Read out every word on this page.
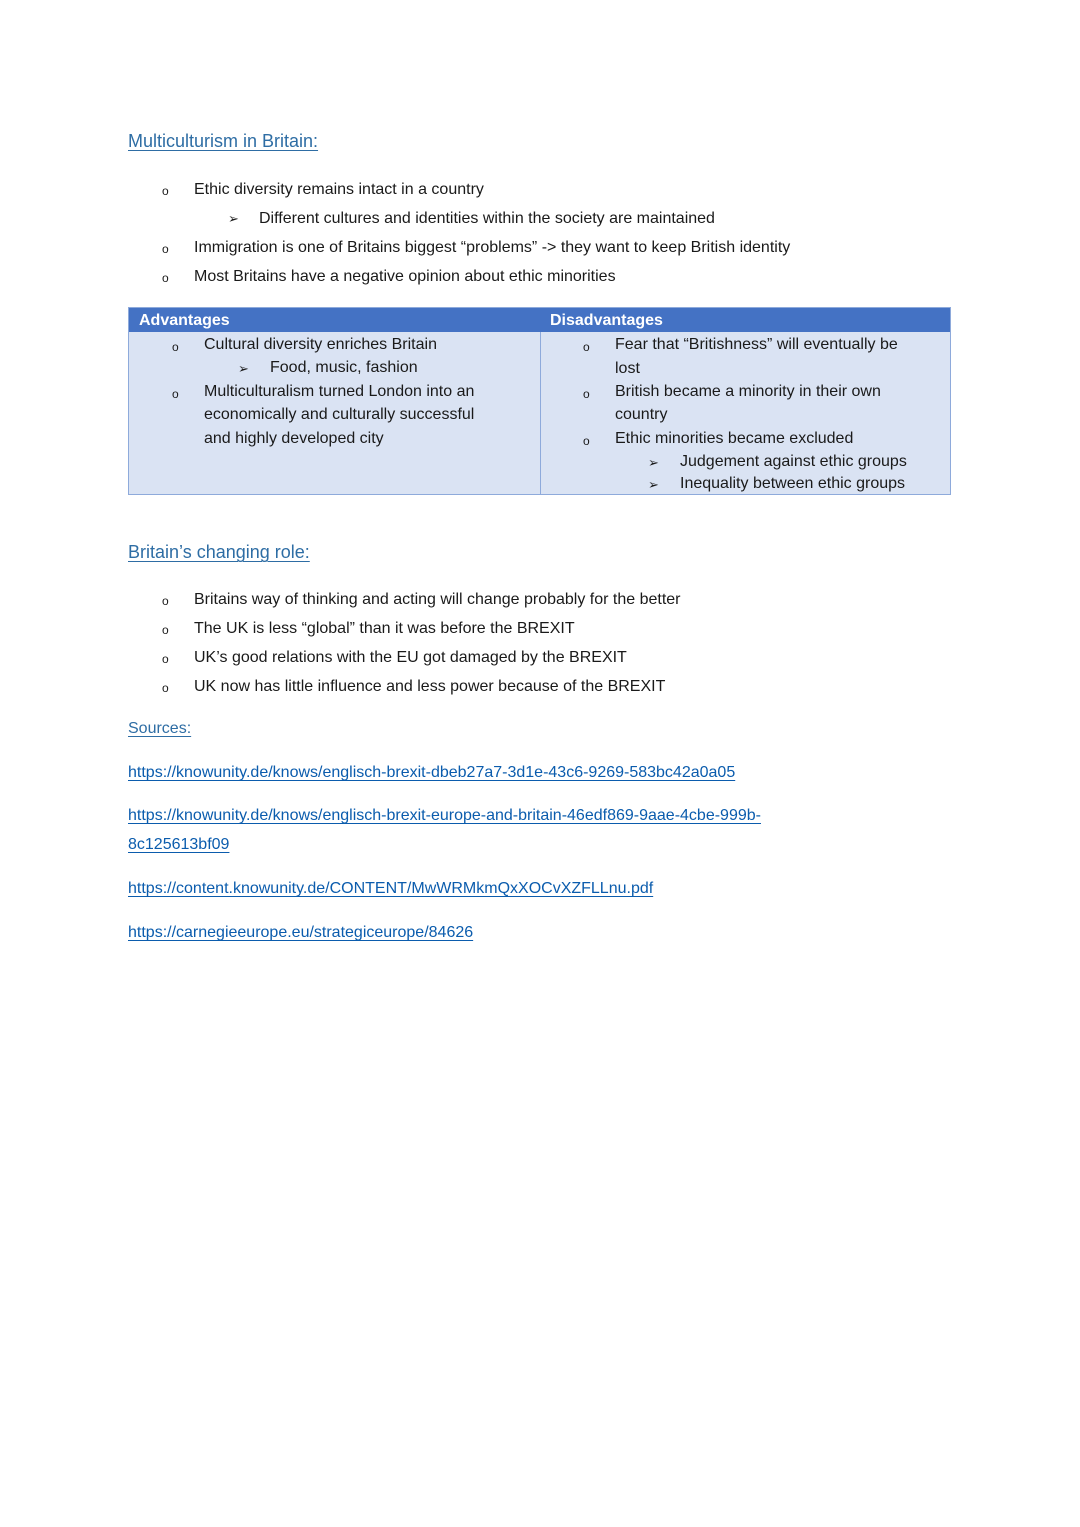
Multiculturism in Britain:
o Ethic diversity remains intact in a country
➢ Different cultures and identities within the society are maintained
o Immigration is one of Britains biggest “problems” -> they want to keep British identity
o Most Britains have a negative opinion about ethic minorities
Advantages	Disadvantages
o Cultural diversity enriches Britain
➢ Food, music, fashion
o Multiculturalism turned London into an
economically and culturally successful
and highly developed city
o Fear that “Britishness” will eventually be
lost
o British became a minority in their own
country
o Ethic minorities became excluded
➢ Judgement against ethic groups
➢ Inequality between ethic groups
Britain’s changing role:
o Britains way of thinking and acting will change probably for the better
o The UK is less “global” than it was before the BREXIT
o UK’s good relations with the EU got damaged by the BREXIT
o UK now has little influence and less power because of the BREXIT
Sources:
https://knowunity.de/knows/englisch-brexit-dbeb27a7-3d1e-43c6-9269-583bc42a0a05
https://knowunity.de/knows/englisch-brexit-europe-and-britain-46edf869-9aae-4cbe-999b-
8c125613bf09
https://content.knowunity.de/CONTENT/MwWRMkmQxXOCvXZFLLnu.pdf
https://carnegieeurope.eu/strategiceurope/84626
